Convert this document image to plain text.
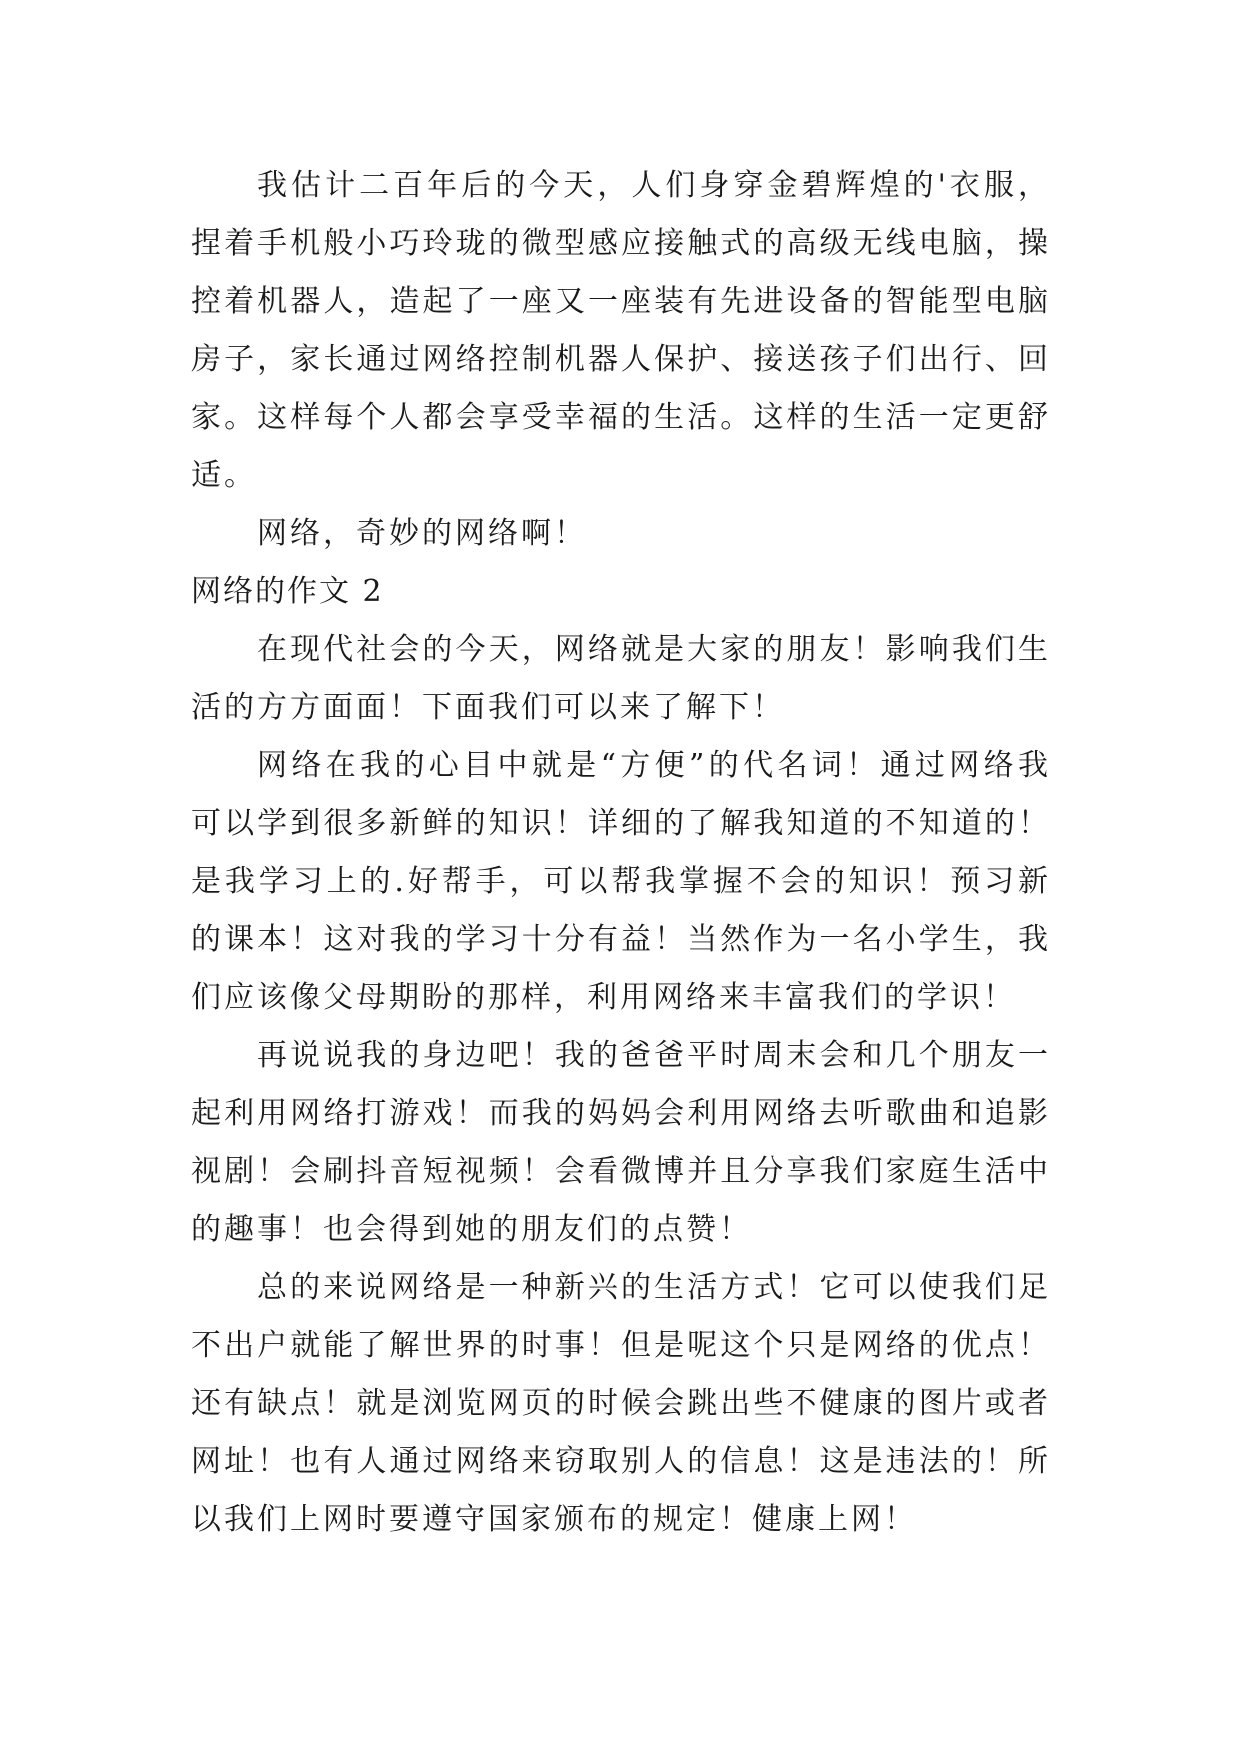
我估计二百年后的今天，人们身穿金碧辉煌的'衣服，捏着手机般小巧玲珑的微型感应接触式的高级无线电脑，操控着机器人，造起了一座又一座装有先进设备的智能型电脑房子，家长通过网络控制机器人保护、接送孩子们出行、回家。这样每个人都会享受幸福的生活。这样的生活一定更舒适。

网络，奇妙的网络啊！

网络的作文 2

在现代社会的今天，网络就是大家的朋友！影响我们生活的方方面面！下面我们可以来了解下！

网络在我的心目中就是“方便”的代名词！通过网络我可以学到很多新鲜的知识！详细的了解我知道的不知道的！是我学习上的.好帮手，可以帮我掌握不会的知识！预习新的课本！这对我的学习十分有益！当然作为一名小学生，我们应该像父母期盼的那样，利用网络来丰富我们的学识！

再说说我的身边吧！我的爸爸平时周末会和几个朋友一起利用网络打游戏！而我的妈妈会利用网络去听歌曲和追影视剧！会刷抖音短视频！会看微博并且分享我们家庭生活中的趣事！也会得到她的朋友们的点赞！

总的来说网络是一种新兴的生活方式！它可以使我们足不出户就能了解世界的时事！但是呢这个只是网络的优点！还有缺点！就是浏览网页的时候会跳出些不健康的图片或者网址！也有人通过网络来窃取别人的信息！这是违法的！所以我们上网时要遵守国家颁布的规定！健康上网！
